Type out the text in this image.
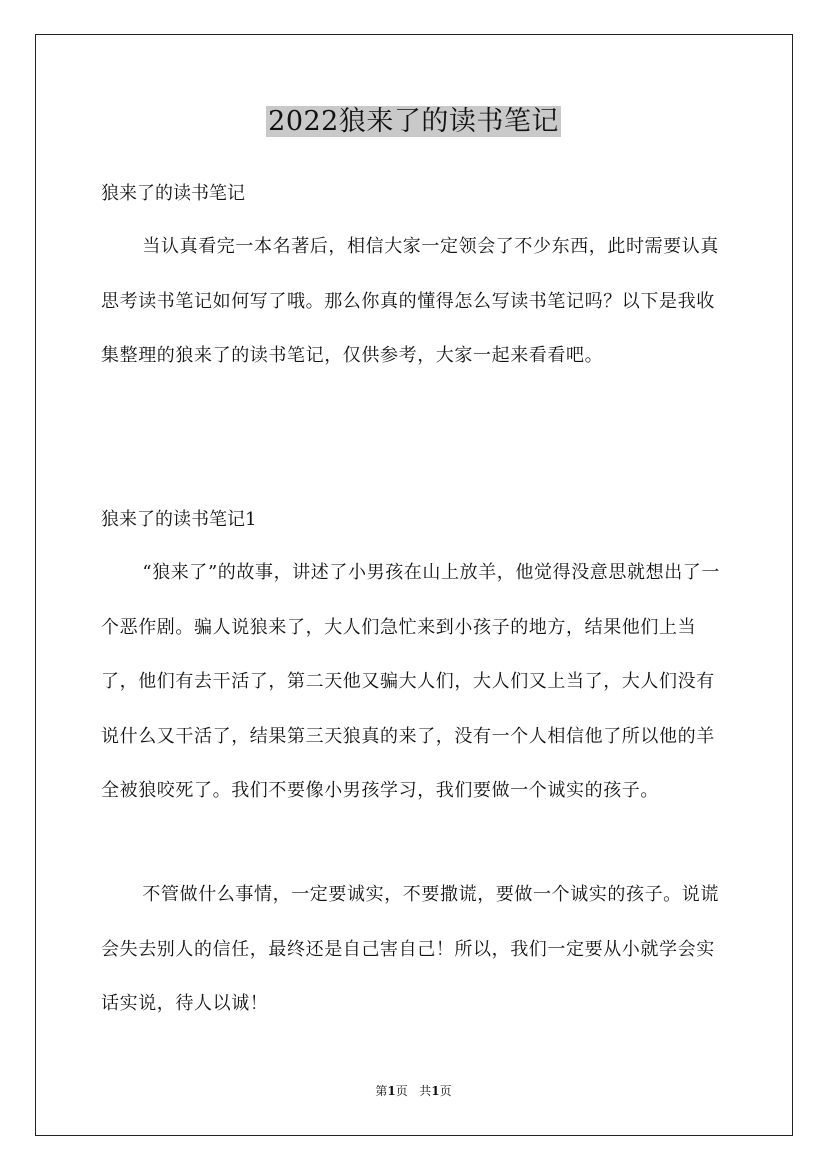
2022狼来了的读书笔记
狼来了的读书笔记

当认真看完一本名著后，相信大家一定领会了不少东西，此时需要认真思考读书笔记如何写了哦。那么你真的懂得怎么写读书笔记吗？以下是我收集整理的狼来了的读书笔记，仅供参考，大家一起来看看吧。

狼来了的读书笔记1

“狼来了”的故事，讲述了小男孩在山上放羊，他觉得没意思就想出了一个恶作剧。骗人说狼来了，大人们急忙来到小孩子的地方，结果他们上当了，他们有去干活了，第二天他又骗大人们，大人们又上当了，大人们没有说什么又干活了，结果第三天狼真的来了，没有一个人相信他了所以他的羊全被狼咬死了。我们不要像小男孩学习，我们要做一个诚实的孩子。

不管做什么事情，一定要诚实，不要撒谎，要做一个诚实的孩子。说谎会失去别人的信任，最终还是自己害自己！所以，我们一定要从小就学会实话实说，待人以诚！

第1页 共1页
